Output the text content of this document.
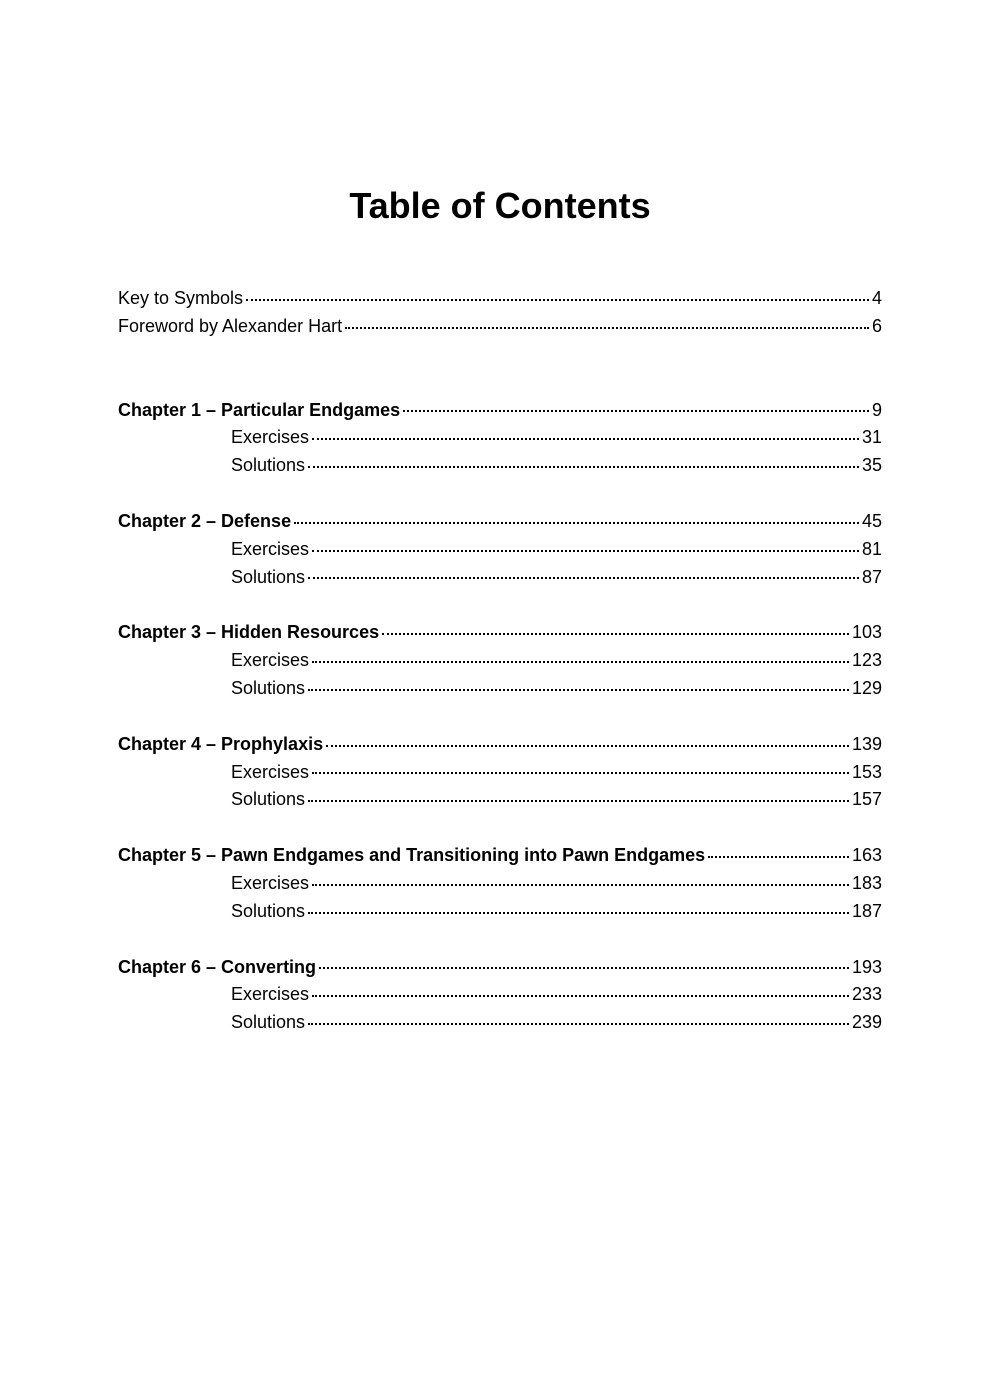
Table of Contents
Key to Symbols	4
Foreword by Alexander Hart	6
Chapter 1 – Particular Endgames	9
Exercises	31
Solutions	35
Chapter 2 – Defense	45
Exercises	81
Solutions	87
Chapter 3 – Hidden Resources	103
Exercises	123
Solutions	129
Chapter 4 – Prophylaxis	139
Exercises	153
Solutions	157
Chapter 5 – Pawn Endgames and Transitioning into Pawn Endgames	163
Exercises	183
Solutions	187
Chapter 6 – Converting	193
Exercises	233
Solutions	239
